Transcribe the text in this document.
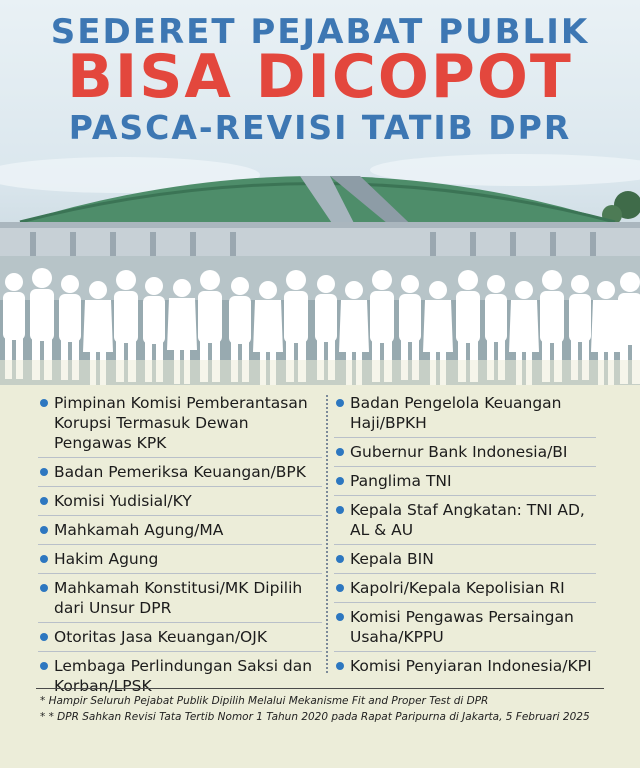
SEDERET PEJABAT PUBLIK
BISA DICOPOT
PASCA-REVISI TATIB DPR
Pimpinan Komisi Pemberantasan Korupsi Termasuk Dewan Pengawas KPK
Badan Pemeriksa Keuangan/BPK
Komisi Yudisial/KY
Mahkamah Agung/MA
Hakim Agung
Mahkamah Konstitusi/MK Dipilih dari Unsur DPR
Otoritas Jasa Keuangan/OJK
Lembaga Perlindungan Saksi dan Korban/LPSK
Badan Pengelola Keuangan Haji/BPKH
Gubernur Bank Indonesia/BI
Panglima TNI
Kepala Staf Angkatan: TNI AD, AL & AU
Kepala BIN
Kapolri/Kepala Kepolisian RI
Komisi Pengawas Persaingan Usaha/KPPU
Komisi Penyiaran Indonesia/KPI
* Hampir Seluruh Pejabat Publik Dipilih Melalui Mekanisme Fit and Proper Test di DPR
* * DPR Sahkan Revisi Tata Tertib Nomor 1 Tahun 2020 pada Rapat Paripurna di Jakarta, 5 Februari 2025
